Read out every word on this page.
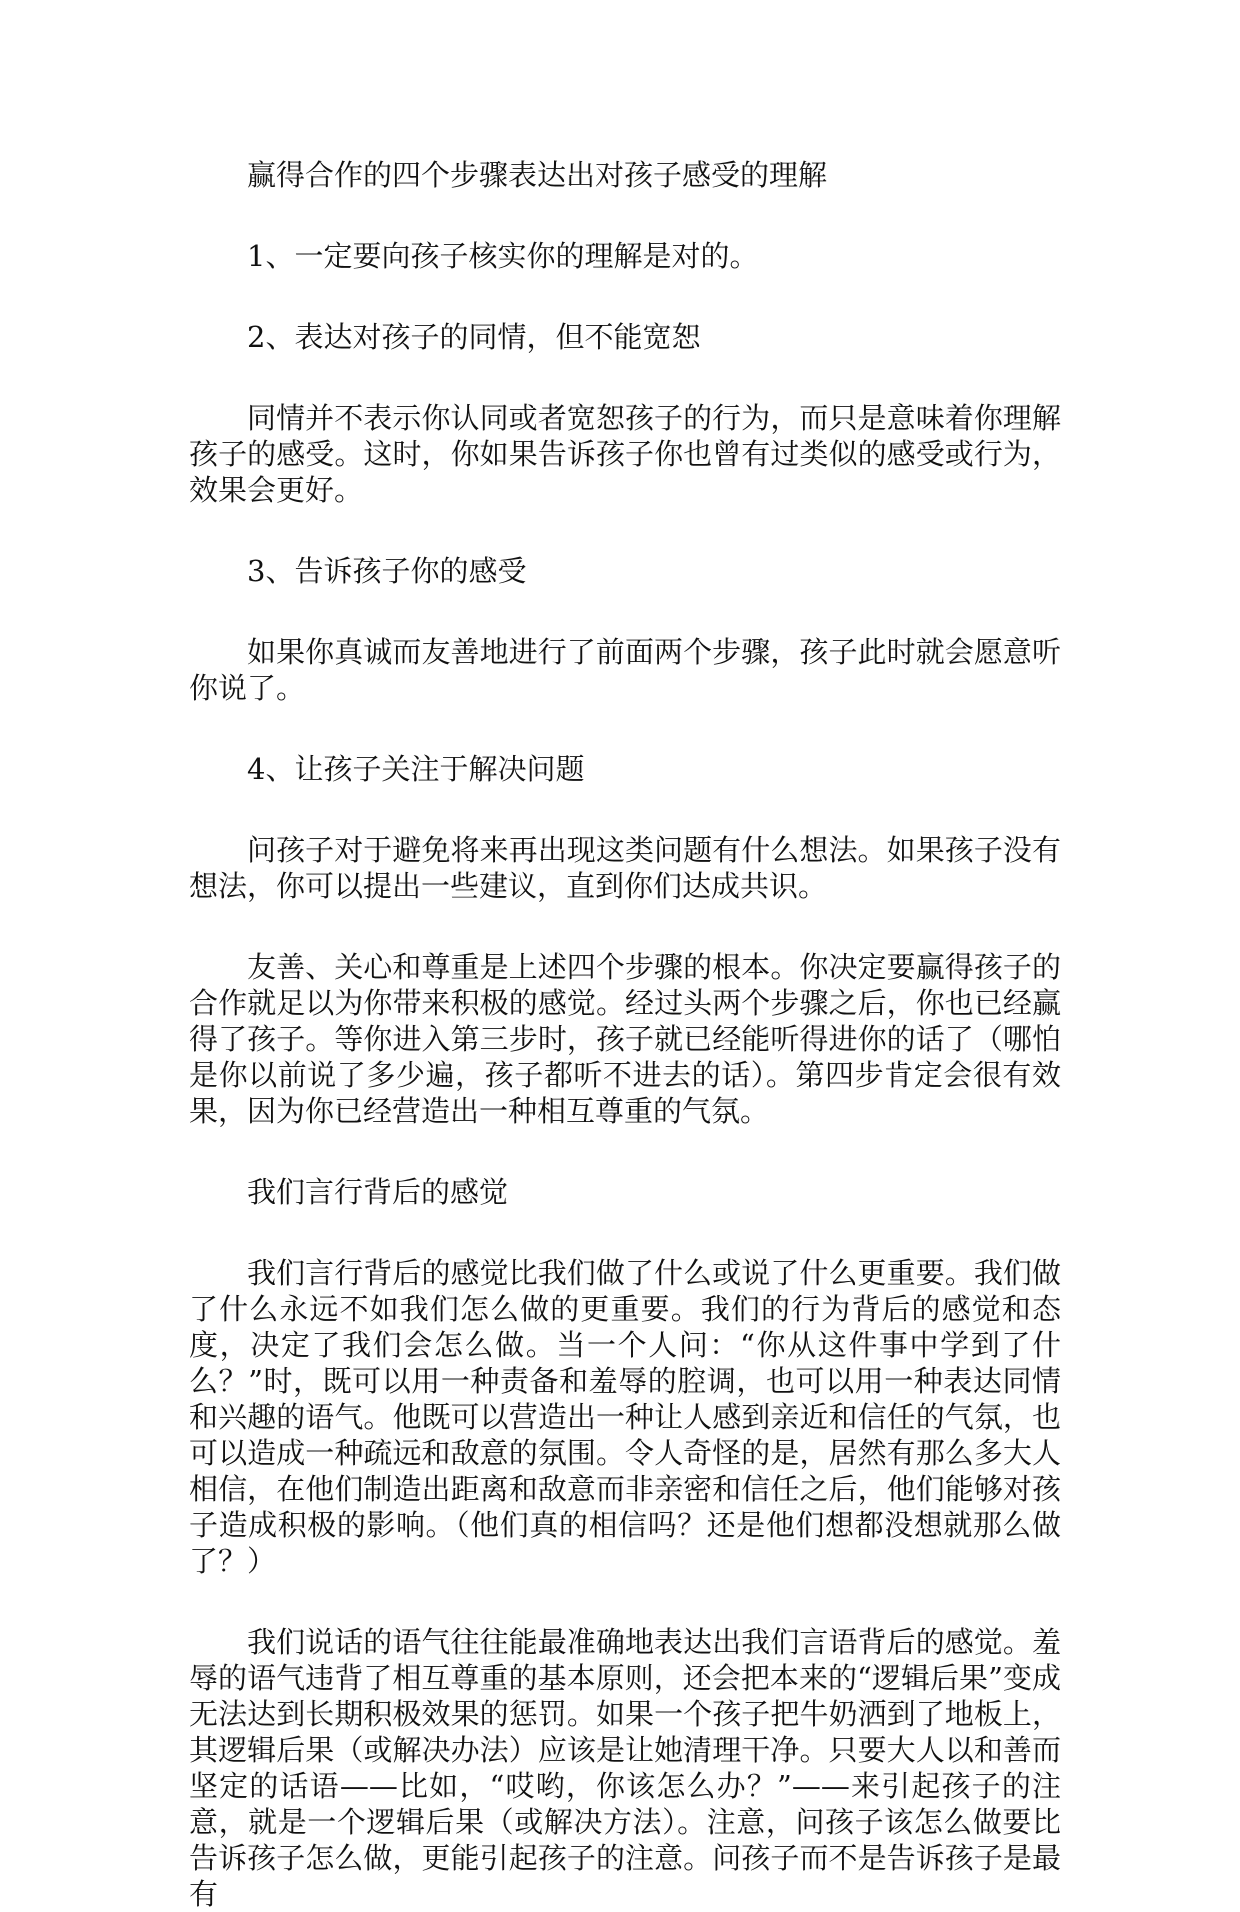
赢得合作的四个步骤表达出对孩子感受的理解

1、一定要向孩子核实你的理解是对的。

2、表达对孩子的同情，但不能宽恕

同情并不表示你认同或者宽恕孩子的行为，而只是意味着你理解孩子的感受。这时，你如果告诉孩子你也曾有过类似的感受或行为，效果会更好。

3、告诉孩子你的感受

如果你真诚而友善地进行了前面两个步骤，孩子此时就会愿意听你说了。

4、让孩子关注于解决问题

问孩子对于避免将来再出现这类问题有什么想法。如果孩子没有想法，你可以提出一些建议，直到你们达成共识。

友善、关心和尊重是上述四个步骤的根本。你决定要赢得孩子的合作就足以为你带来积极的感觉。经过头两个步骤之后，你也已经赢得了孩子。等你进入第三步时，孩子就已经能听得进你的话了（哪怕是你以前说了多少遍，孩子都听不进去的话）。第四步肯定会很有效果，因为你已经营造出一种相互尊重的气氛。

我们言行背后的感觉

我们言行背后的感觉比我们做了什么或说了什么更重要。我们做了什么永远不如我们怎么做的更重要。我们的行为背后的感觉和态度，决定了我们会怎么做。当一个人问：“你从这件事中学到了什么？”时，既可以用一种责备和羞辱的腔调，也可以用一种表达同情和兴趣的语气。他既可以营造出一种让人感到亲近和信任的气氛，也可以造成一种疏远和敌意的氛围。令人奇怪的是，居然有那么多大人相信，在他们制造出距离和敌意而非亲密和信任之后，他们能够对孩子造成积极的影响。（他们真的相信吗？还是他们想都没想就那么做了？）

我们说话的语气往往能最准确地表达出我们言语背后的感觉。羞辱的语气违背了相互尊重的基本原则，还会把本来的“逻辑后果”变成无法达到长期积极效果的惩罚。如果一个孩子把牛奶洒到了地板上，其逻辑后果（或解决办法）应该是让她清理干净。只要大人以和善而坚定的话语——比如，“哎哟，你该怎么办？”——来引起孩子的注意，就是一个逻辑后果（或解决方法）。注意，问孩子该怎么做要比告诉孩子怎么做，更能引起孩子的注意。问孩子而不是告诉孩子是最有
